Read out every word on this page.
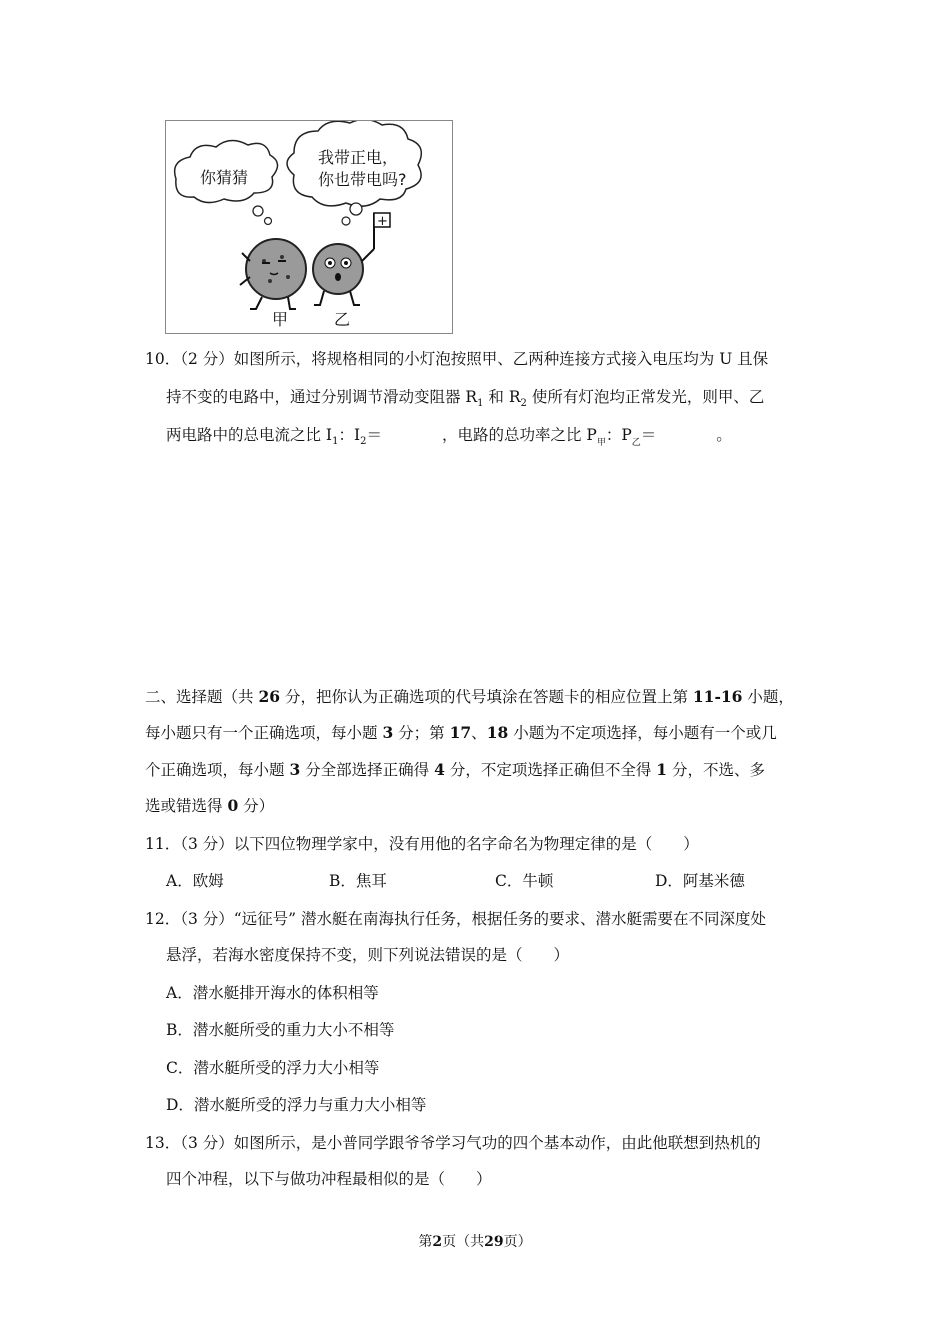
你猜猜
我带正电，
你也带电吗?
+
甲	乙
10．（2 分）如图所示，将规格相同的小灯泡按照甲、乙两种连接方式接入电压均为 U 且保
持不变的电路中，通过分别调节滑动变阻器 $R_1$ 和 $R_2$ 使所有灯泡均正常发光，则甲、乙
两电路中的总电流之比 $I_1$：$I_2=$	，电路的总功率之比 $P_甲$：$P_乙=$	。
二、选择题（共 26 分，把你认为正确选项的代号填涂在答题卡的相应位置上第 11-16 小题，
每小题只有一个正确选项，每小题 3 分；第 17、18 小题为不定项选择，每小题有一个或几
个正确选项，每小题 3 分全部选择正确得 4 分，不定项选择正确但不全得 1 分，不选、多
选或错选得 0 分）
11．（3 分）以下四位物理学家中，没有用他的名字命名为物理定律的是（　　）
A．欧姆	B．焦耳	C．牛顿	D．阿基米德
12．（3 分）“远征号” 潜水艇在南海执行任务，根据任务的要求、潜水艇需要在不同深度处
悬浮，若海水密度保持不变，则下列说法错误的是（　　）
A．潜水艇排开海水的体积相等
B．潜水艇所受的重力大小不相等
C．潜水艇所受的浮力大小相等
D．潜水艇所受的浮力与重力大小相等
13．（3 分）如图所示，是小普同学跟爷爷学习气功的四个基本动作，由此他联想到热机的
四个冲程，以下与做功冲程最相似的是（　　）
第2页（共29页）
